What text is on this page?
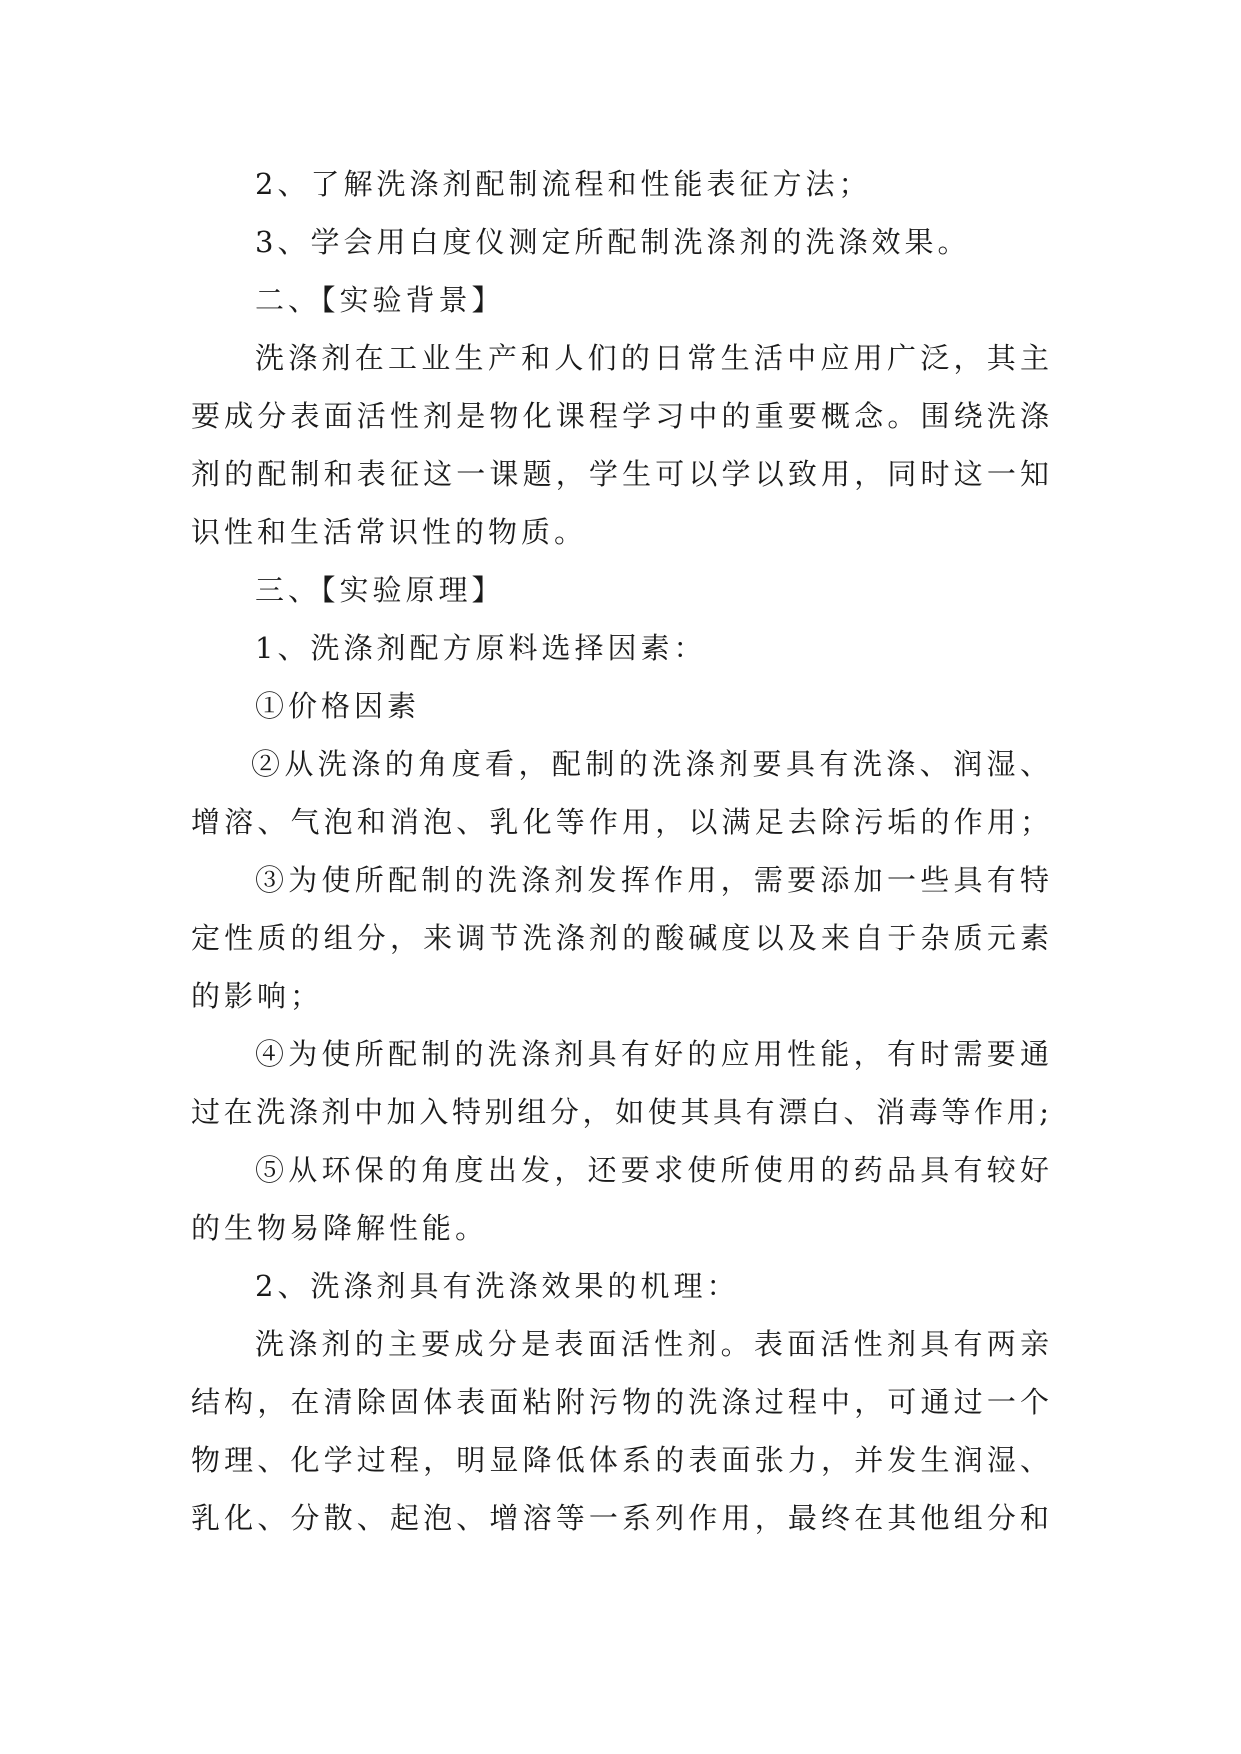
2、了解洗涤剂配制流程和性能表征方法；
3、学会用白度仪测定所配制洗涤剂的洗涤效果。
二、【实验背景】
洗涤剂在工业生产和人们的日常生活中应用广泛，其主
要成分表面活性剂是物化课程学习中的重要概念。围绕洗涤
剂的配制和表征这一课题，学生可以学以致用，同时这一知
识性和生活常识性的物质。
三、【实验原理】
1、洗涤剂配方原料选择因素：
①价格因素
②从洗涤的角度看，配制的洗涤剂要具有洗涤、润湿、
增溶、气泡和消泡、乳化等作用，以满足去除污垢的作用；
③为使所配制的洗涤剂发挥作用，需要添加一些具有特
定性质的组分，来调节洗涤剂的酸碱度以及来自于杂质元素
的影响；
④为使所配制的洗涤剂具有好的应用性能，有时需要通
过在洗涤剂中加入特别组分，如使其具有漂白、消毒等作用;
⑤从环保的角度出发，还要求使所使用的药品具有较好
的生物易降解性能。
2、洗涤剂具有洗涤效果的机理：
洗涤剂的主要成分是表面活性剂。表面活性剂具有两亲
结构，在清除固体表面粘附污物的洗涤过程中，可通过一个
物理、化学过程，明显降低体系的表面张力，并发生润湿、
乳化、分散、起泡、增溶等一系列作用，最终在其他组分和
